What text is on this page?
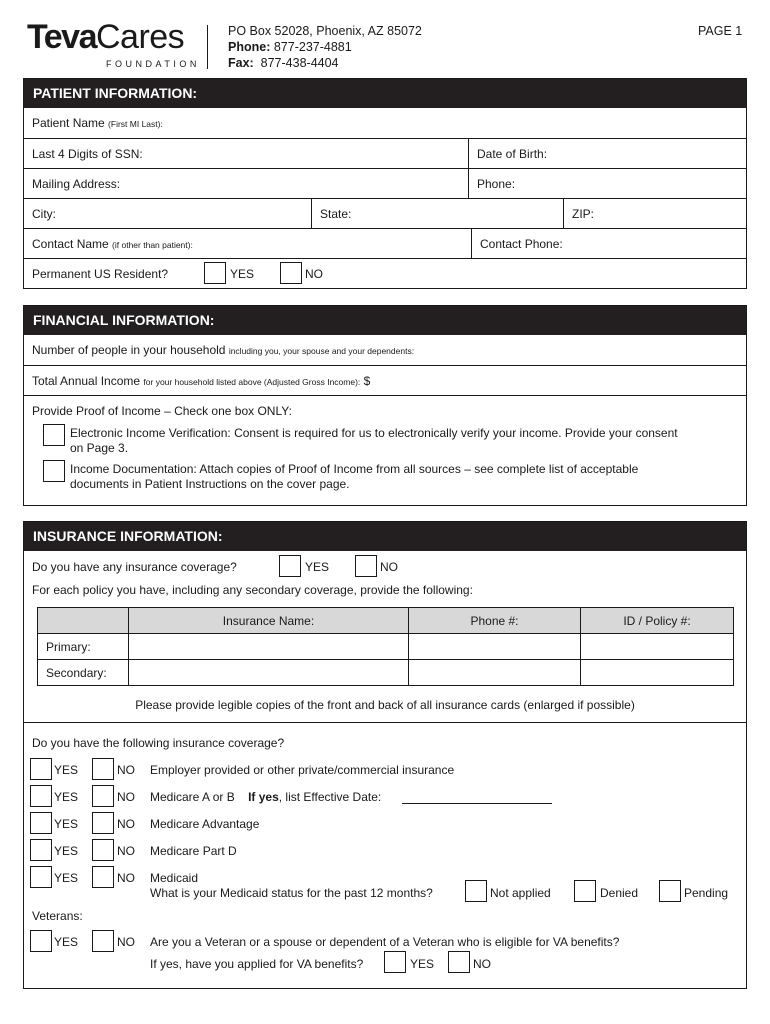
TevaCares
FOUNDATION
PO Box 52028, Phoenix, AZ 85072
Phone: 877-237-4881
Fax: 877-438-4404
PAGE 1
PATIENT INFORMATION:
Patient Name (First MI Last):
Last 4 Digits of SSN:	Date of Birth:
Mailing Address:	Phone:
City:	State:	ZIP:
Contact Name (if other than patient):	Contact Phone:
Permanent US Resident?	YES	NO
FINANCIAL INFORMATION:
Number of people in your household including you, your spouse and your dependents:
Total Annual Income for your household listed above (Adjusted Gross Income): $
Provide Proof of Income – Check one box ONLY:
Electronic Income Verification: Consent is required for us to electronically verify your income. Provide your consent
on Page 3.
Income Documentation: Attach copies of Proof of Income from all sources – see complete list of acceptable
documents in Patient Instructions on the cover page.
INSURANCE INFORMATION:
Do you have any insurance coverage?	YES	NO
For each policy you have, including any secondary coverage, provide the following:
	Insurance Name:	Phone #:	ID / Policy #:
Primary:			
Secondary:			
Please provide legible copies of the front and back of all insurance cards (enlarged if possible)
Do you have the following insurance coverage?
YES	NO Employer provided or other private/commercial insurance
YES	NO Medicare A or B If yes, list Effective Date:
YES	NO Medicare Advantage
YES	NO Medicare Part D
YES	NO Medicaid
What is your Medicaid status for the past 12 months?	Not applied	Denied	Pending
Veterans:
YES	NO Are you a Veteran or a spouse or dependent of a Veteran who is eligible for VA benefits?
If yes, have you applied for VA benefits?	YES	NO
